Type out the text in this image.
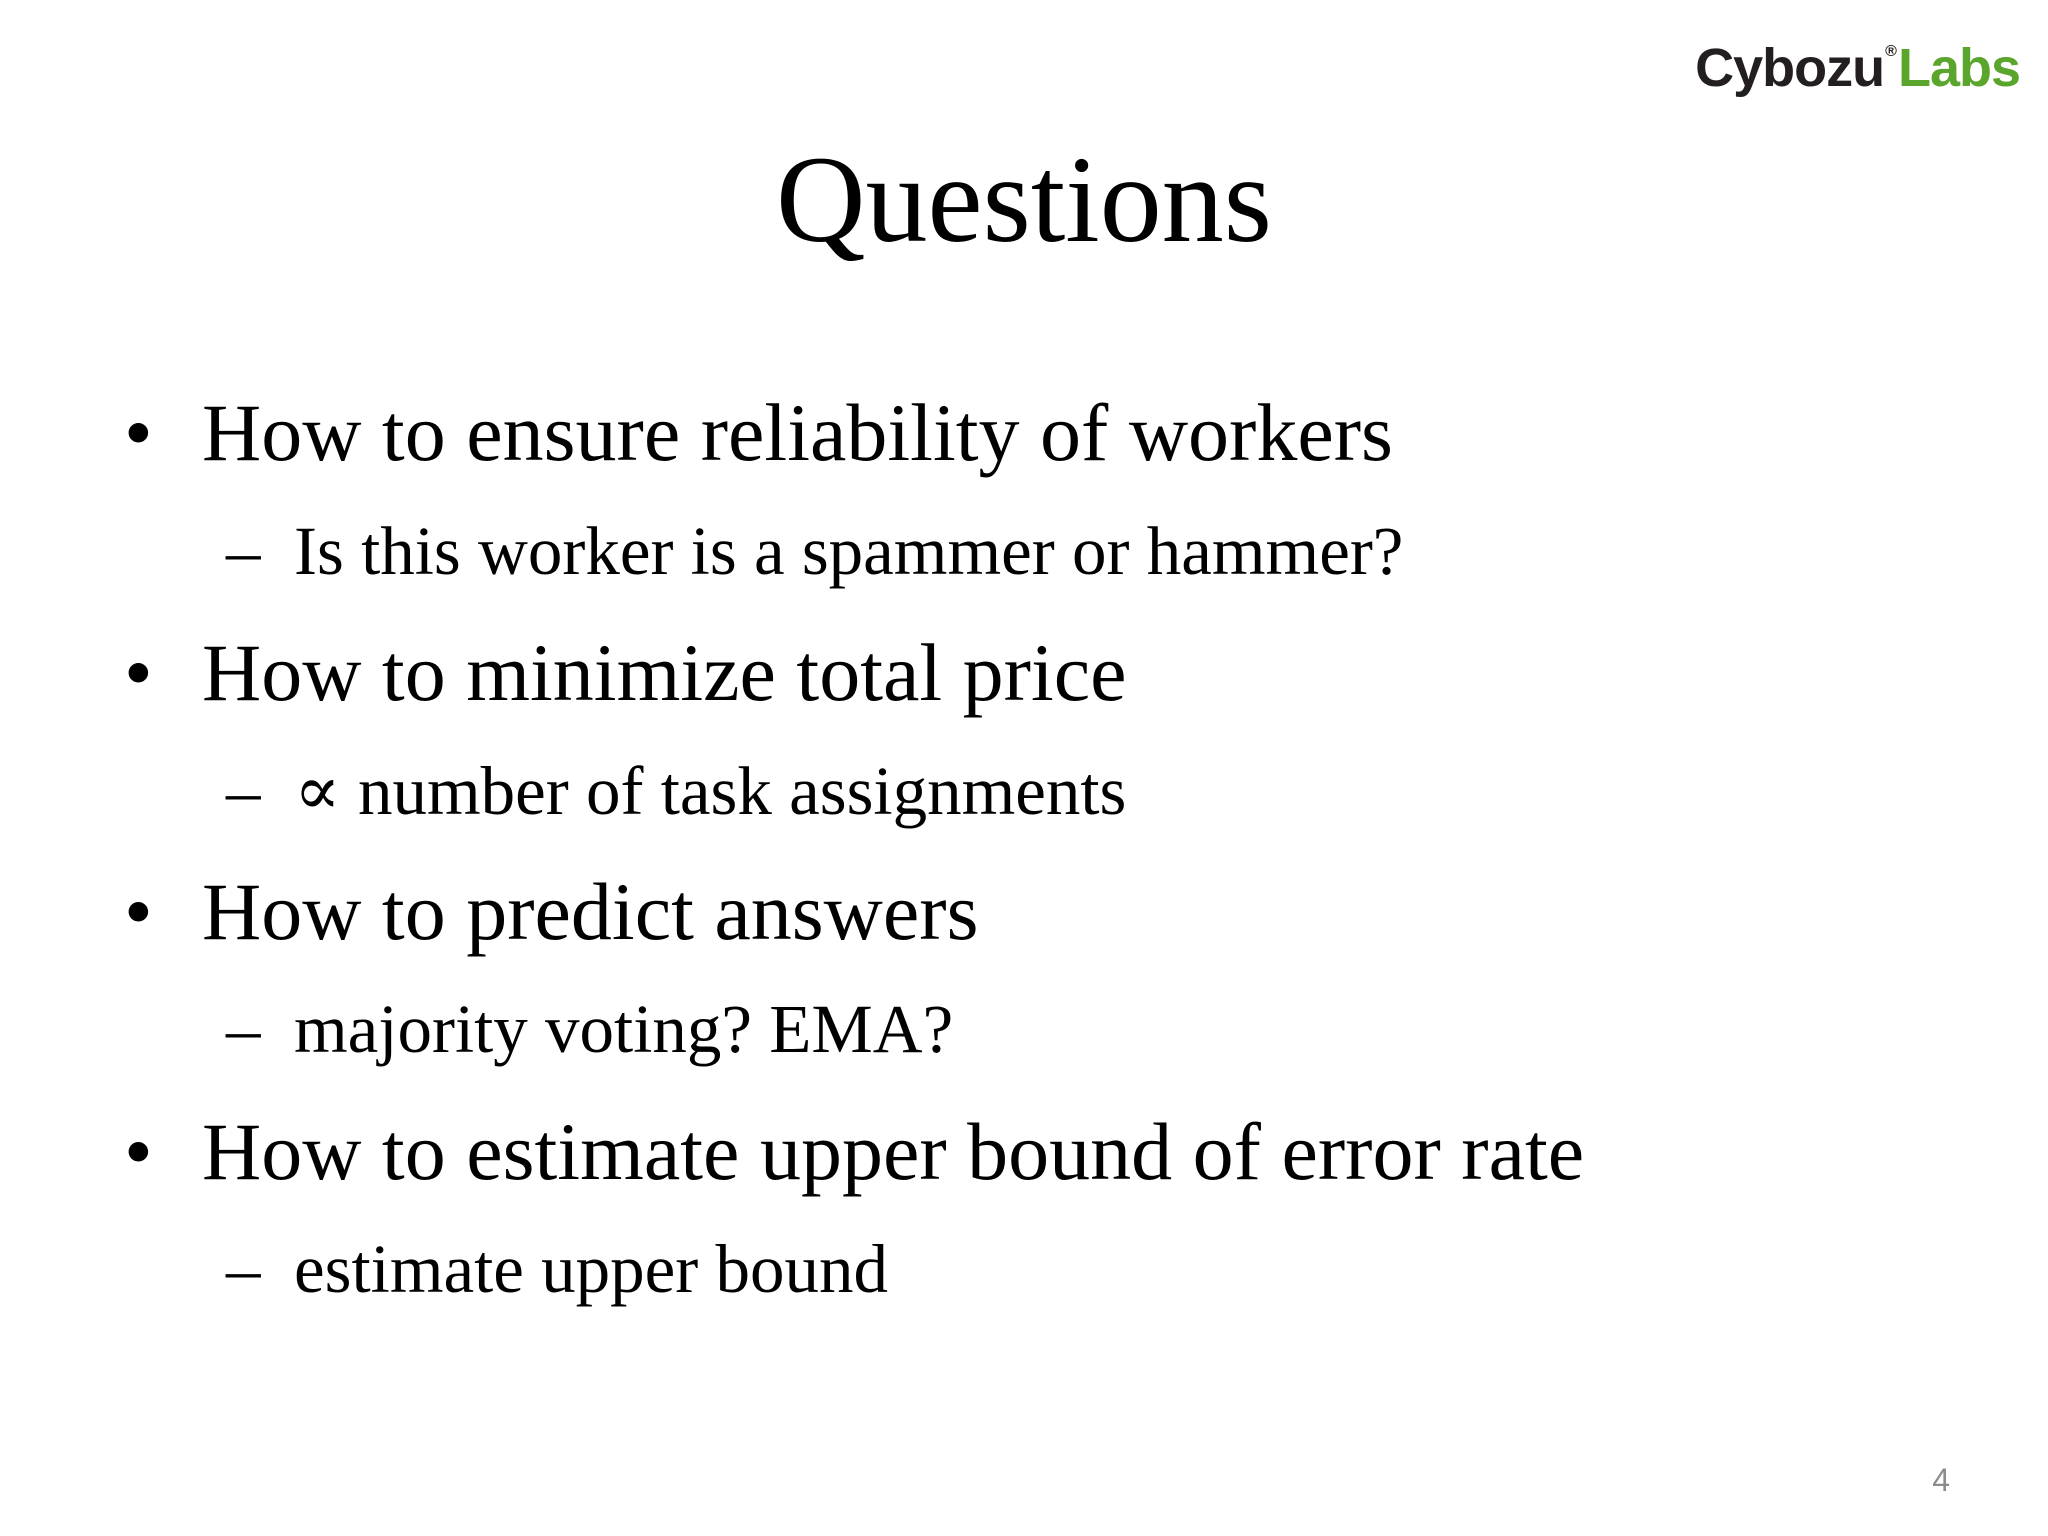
Cybozu®Labs
Questions
• How to ensure reliability of workers
– Is this worker is a spammer or hammer?
• How to minimize total price
– ∝ number of task assignments
• How to predict answers
– majority voting? EMA?
• How to estimate upper bound of error rate
– estimate upper bound
4
